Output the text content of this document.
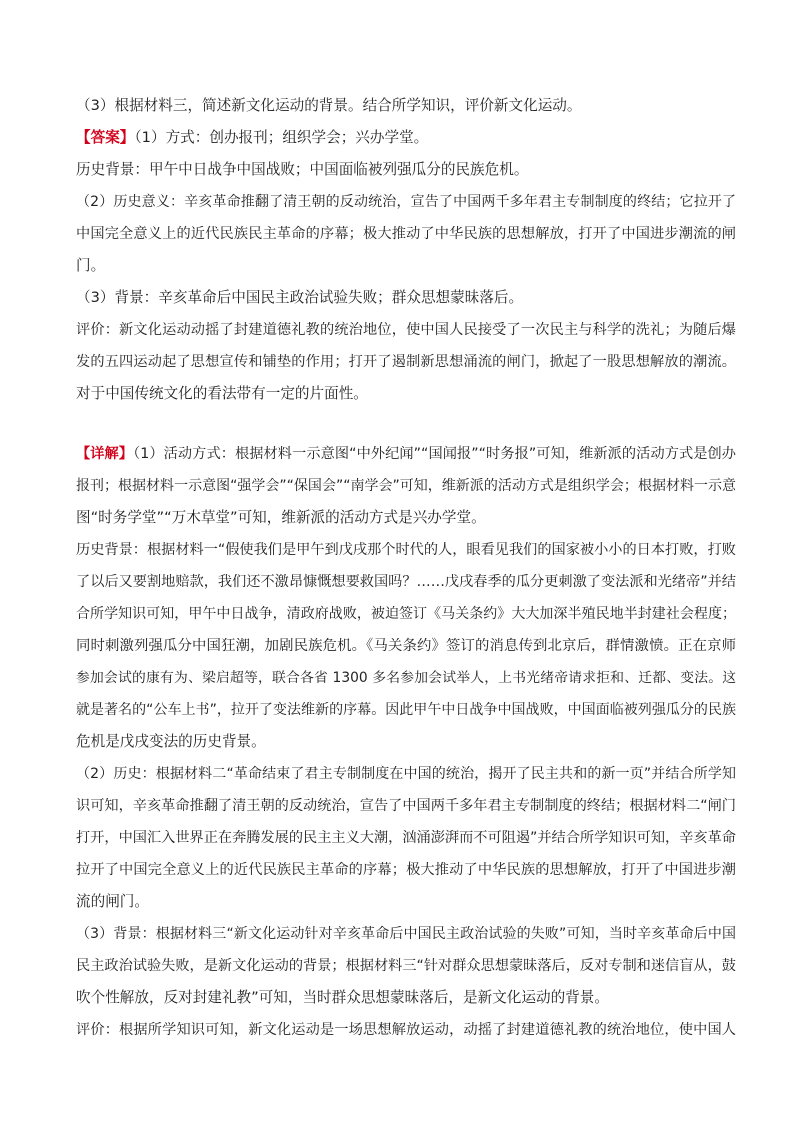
（3）根据材料三，简述新文化运动的背景。结合所学知识，评价新文化运动。
【答案】（1）方式：创办报刊；组织学会；兴办学堂。
历史背景：甲午中日战争中国战败；中国面临被列强瓜分的民族危机。
（2）历史意义：辛亥革命推翻了清王朝的反动统治，宣告了中国两千多年君主专制制度的终结；它拉开了
中国完全意义上的近代民族民主革命的序幕；极大推动了中华民族的思想解放，打开了中国进步潮流的闸
门。
（3）背景：辛亥革命后中国民主政治试验失败；群众思想蒙昧落后。
评价：新文化运动动摇了封建道德礼教的统治地位，使中国人民接受了一次民主与科学的洗礼；为随后爆
发的五四运动起了思想宣传和铺垫的作用；打开了遏制新思想涌流的闸门，掀起了一股思想解放的潮流。
对于中国传统文化的看法带有一定的片面性。
【详解】（1）活动方式：根据材料一示意图“中外纪闻”“国闻报”“时务报”可知，维新派的活动方式是创办
报刊；根据材料一示意图“强学会”“保国会”“南学会”可知，维新派的活动方式是组织学会；根据材料一示意
图“时务学堂”“万木草堂”可知，维新派的活动方式是兴办学堂。
历史背景：根据材料一“假使我们是甲午到戊戌那个时代的人，眼看见我们的国家被小小的日本打败，打败
了以后又要割地赔款，我们还不激昂慷慨想要救国吗？……戊戌春季的瓜分更刺激了变法派和光绪帝”并结
合所学知识可知，甲午中日战争，清政府战败，被迫签订《马关条约》大大加深半殖民地半封建社会程度；
同时刺激列强瓜分中国狂潮，加剧民族危机。《马关条约》签订的消息传到北京后，群情激愤。正在京师
参加会试的康有为、梁启超等，联合各省 1300 多名参加会试举人，上书光绪帝请求拒和、迁都、变法。这
就是著名的“公车上书”，拉开了变法维新的序幕。因此甲午中日战争中国战败，中国面临被列强瓜分的民族
危机是戊戌变法的历史背景。
（2）历史：根据材料二“革命结束了君主专制制度在中国的统治，揭开了民主共和的新一页”并结合所学知
识可知，辛亥革命推翻了清王朝的反动统治，宣告了中国两千多年君主专制制度的终结；根据材料二“闸门
打开，中国汇入世界正在奔腾发展的民主主义大潮，汹涌澎湃而不可阻遏”并结合所学知识可知，辛亥革命
拉开了中国完全意义上的近代民族民主革命的序幕；极大推动了中华民族的思想解放，打开了中国进步潮
流的闸门。
（3）背景：根据材料三“新文化运动针对辛亥革命后中国民主政治试验的失败”可知，当时辛亥革命后中国
民主政治试验失败，是新文化运动的背景；根据材料三“针对群众思想蒙昧落后，反对专制和迷信盲从，鼓
吹个性解放，反对封建礼教”可知，当时群众思想蒙昧落后，是新文化运动的背景。
评价：根据所学知识可知，新文化运动是一场思想解放运动，动摇了封建道德礼教的统治地位，使中国人
